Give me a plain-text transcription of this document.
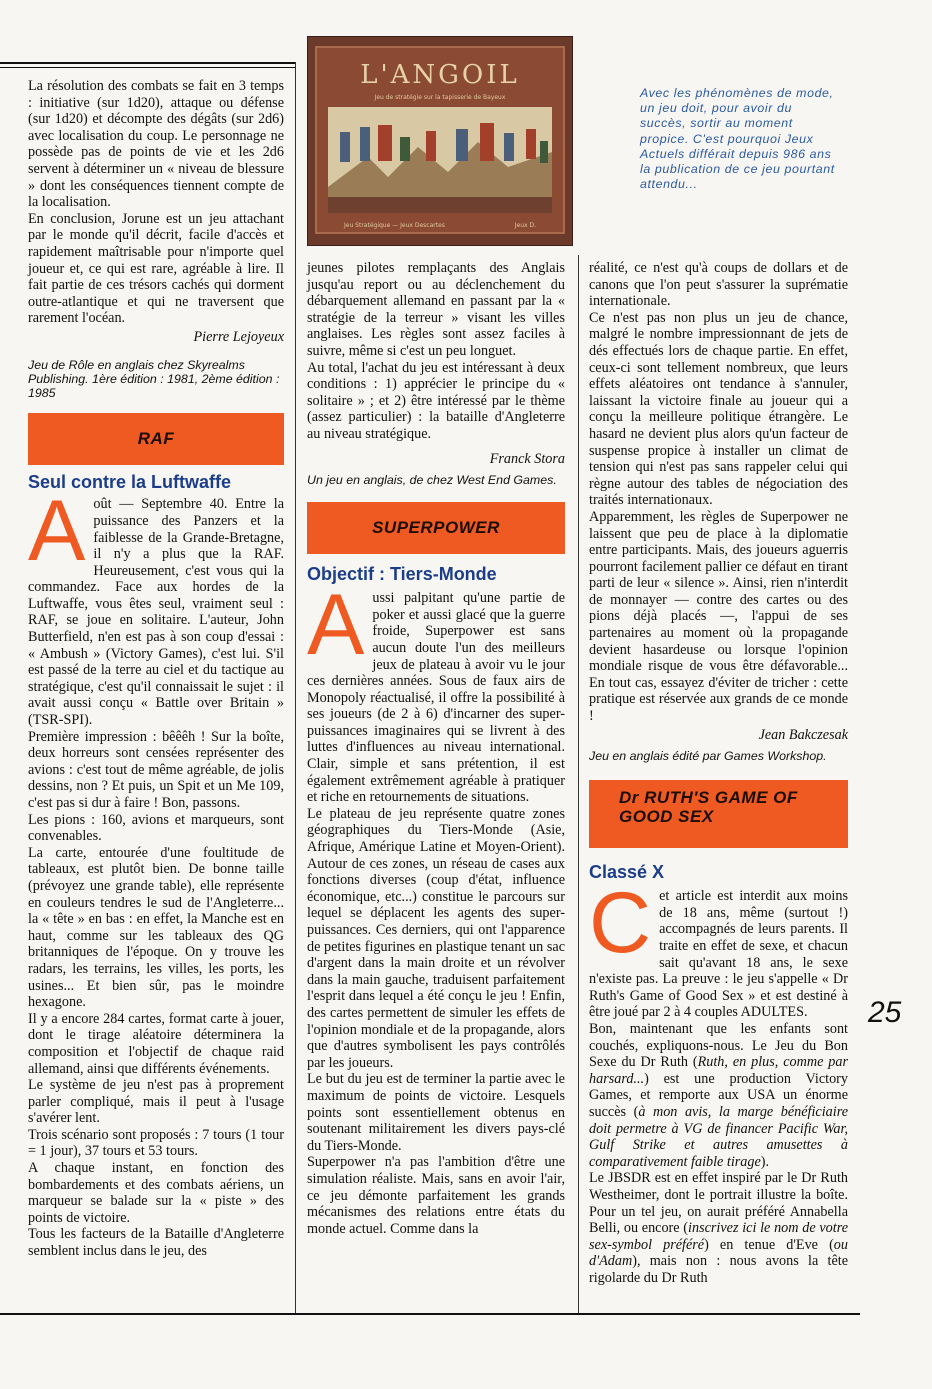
L'ANGOIL
Jeu de stratégie sur la tapisserie de Bayeux
Jeu Stratégique — Jeux Descartes	Jeux D.
Avec les phénomènes de mode, un jeu doit, pour avoir du succès, sortir au moment propice. C'est pourquoi Jeux Actuels différait depuis 986 ans la publication de ce jeu pourtant attendu...

La résolution des combats se fait en 3 temps : initiative (sur 1d20), attaque ou défense (sur 1d20) et décompte des dégâts (sur 2d6) avec localisation du coup. Le personnage ne possède pas de points de vie et les 2d6 servent à déterminer un « niveau de blessure » dont les conséquences tiennent compte de la localisation.

En conclusion, Jorune est un jeu attachant par le monde qu'il décrit, facile d'accès et rapidement maîtrisable pour n'importe quel joueur et, ce qui est rare, agréable à lire. Il fait partie de ces trésors cachés qui dorment outre-atlantique et qui ne traversent que rarement l'océan.

Pierre Lejoyeux

Jeu de Rôle en anglais chez Skyrealms Publishing. 1ère édition : 1981, 2ème édition : 1985

RAF

Seul contre la Luftwaffe

A oût — Septembre 40. Entre la puissance des Panzers et la faiblesse de la Grande-Bretagne, il n'y a plus que la RAF. Heureusement, c'est vous qui la commandez. Face aux hordes de la Luftwaffe, vous êtes seul, vraiment seul : RAF, se joue en solitaire. L'auteur, John Butterfield, n'en est pas à son coup d'essai : « Ambush » (Victory Games), c'est lui. S'il est passé de la terre au ciel et du tactique au stratégique, c'est qu'il connaissait le sujet : il avait aussi conçu « Battle over Britain » (TSR-SPI).

Première impression : bêêêh ! Sur la boîte, deux horreurs sont censées représenter des avions : c'est tout de même agréable, de jolis dessins, non ? Et puis, un Spit et un Me 109, c'est pas si dur à faire ! Bon, passons.

Les pions : 160, avions et marqueurs, sont convenables.

La carte, entourée d'une foultitude de tableaux, est plutôt bien. De bonne taille (prévoyez une grande table), elle représente en couleurs tendres le sud de l'Angleterre... la « tête » en bas : en effet, la Manche est en haut, comme sur les tableaux des QG britanniques de l'époque. On y trouve les radars, les terrains, les villes, les ports, les usines... Et bien sûr, pas le moindre hexagone.

Il y a encore 284 cartes, format carte à jouer, dont le tirage aléatoire déterminera la composition et l'objectif de chaque raid allemand, ainsi que différents événements.

Le système de jeu n'est pas à proprement parler compliqué, mais il peut à l'usage s'avérer lent.

Trois scénario sont proposés : 7 tours (1 tour = 1 jour), 37 tours et 53 tours.

A chaque instant, en fonction des bombardements et des combats aériens, un marqueur se balade sur la « piste » des points de victoire.

Tous les facteurs de la Bataille d'Angleterre semblent inclus dans le jeu, des

jeunes pilotes remplaçants des Anglais jusqu'au report ou au déclenchement du débarquement allemand en passant par la « stratégie de la terreur » visant les villes anglaises. Les règles sont assez faciles à suivre, même si c'est un peu longuet.

Au total, l'achat du jeu est intéressant à deux conditions : 1) apprécier le principe du « solitaire » ; et 2) être intéressé par le thème (assez particulier) : la bataille d'Angleterre au niveau stratégique.

Franck Stora

Un jeu en anglais, de chez West End Games.

SUPERPOWER

Objectif : Tiers-Monde

A ussi palpitant qu'une partie de poker et aussi glacé que la guerre froide, Superpower est sans aucun doute l'un des meilleurs jeux de plateau à avoir vu le jour ces dernières années. Sous de faux airs de Monopoly réactualisé, il offre la possibilité à ses joueurs (de 2 à 6) d'incarner des super-puissances imaginaires qui se livrent à des luttes d'influences au niveau international. Clair, simple et sans prétention, il est également extrêmement agréable à pratiquer et riche en retournements de situations.

Le plateau de jeu représente quatre zones géographiques du Tiers-Monde (Asie, Afrique, Amérique Latine et Moyen-Orient). Autour de ces zones, un réseau de cases aux fonctions diverses (coup d'état, influence économique, etc...) constitue le parcours sur lequel se déplacent les agents des super-puissances. Ces derniers, qui ont l'apparence de petites figurines en plastique tenant un sac d'argent dans la main droite et un révolver dans la main gauche, traduisent parfaitement l'esprit dans lequel a été conçu le jeu ! Enfin, des cartes permettent de simuler les effets de l'opinion mondiale et de la propagande, alors que d'autres symbolisent les pays contrôlés par les joueurs.

Le but du jeu est de terminer la partie avec le maximum de points de victoire. Lesquels points sont essentiellement obtenus en soutenant militairement les divers pays-clé du Tiers-Monde.

Superpower n'a pas l'ambition d'être une simulation réaliste. Mais, sans en avoir l'air, ce jeu démonte parfaitement les grands mécanismes des relations entre états du monde actuel. Comme dans la

réalité, ce n'est qu'à coups de dollars et de canons que l'on peut s'assurer la suprématie internationale.

Ce n'est pas non plus un jeu de chance, malgré le nombre impressionnant de jets de dés effectués lors de chaque partie. En effet, ceux-ci sont tellement nombreux, que leurs effets aléatoires ont tendance à s'annuler, laissant la victoire finale au joueur qui a conçu la meilleure politique étrangère. Le hasard ne devient plus alors qu'un facteur de suspense propice à installer un climat de tension qui n'est pas sans rappeler celui qui règne autour des tables de négociation des traités internationaux.

Apparemment, les règles de Superpower ne laissent que peu de place à la diplomatie entre participants. Mais, des joueurs aguerris pourront facilement pallier ce défaut en tirant parti de leur « silence ». Ainsi, rien n'interdit de monnayer — contre des cartes ou des pions déjà placés —, l'appui de ses partenaires au moment où la propagande devient hasardeuse ou lorsque l'opinion mondiale risque de vous être défavorable... En tout cas, essayez d'éviter de tricher : cette pratique est réservée aux grands de ce monde !

Jean Bakczesak

Jeu en anglais édité par Games Workshop.

Dr RUTH'S GAME OF
GOOD SEX

Classé X

C et article est interdit aux moins de 18 ans, même (surtout !) accompagnés de leurs parents. Il traite en effet de sexe, et chacun sait qu'avant 18 ans, le sexe n'existe pas. La preuve : le jeu s'appelle « Dr Ruth's Game of Good Sex » et est destiné à être joué par 2 à 4 couples ADULTES.

Bon, maintenant que les enfants sont couchés, expliquons-nous. Le Jeu du Bon Sexe du Dr Ruth (Ruth, en plus, comme par harsard...) est une production Victory Games, et remporte aux USA un énorme succès (à mon avis, la marge bénéficiaire doit permetre à VG de financer Pacific War, Gulf Strike et autres amusettes à comparativement faible tirage).

Le JBSDR est en effet inspiré par le Dr Ruth Westheimer, dont le portrait illustre la boîte. Pour un tel jeu, on aurait préféré Annabella Belli, ou encore (inscrivez ici le nom de votre sex-symbol préféré) en tenue d'Eve (ou d'Adam), mais non : nous avons la tête rigolarde du Dr Ruth

25
